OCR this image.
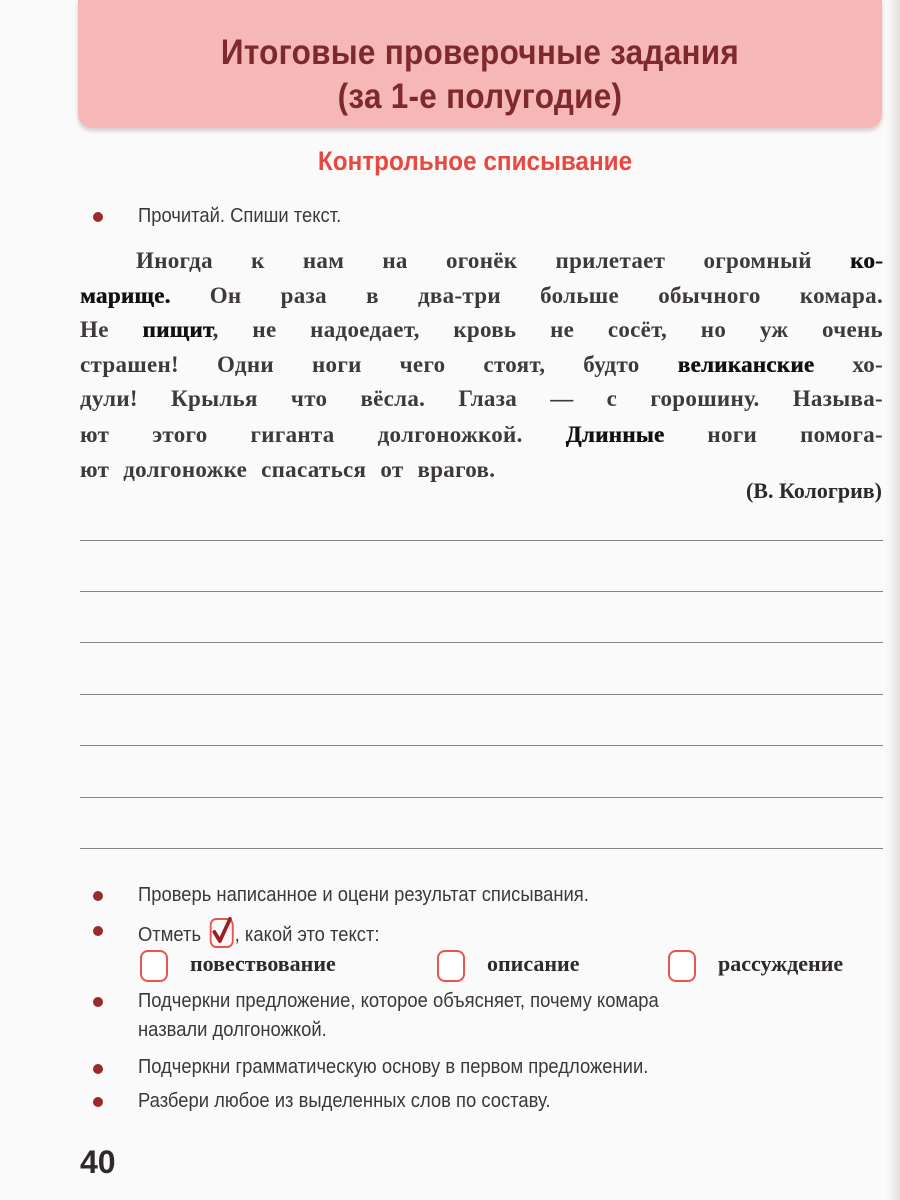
Итоговые проверочные задания
(за 1-е полугодие)
Контрольное списывание
Прочитай. Спиши текст.
Иногда к нам на огонёк прилетает огромный ко-
марище. Он раза в два-три больше обычного комара.
Не пищит, не надоедает, кровь не сосёт, но уж очень
страшен! Одни ноги чего стоят, будто великанские хо-
дули! Крылья что вёсла. Глаза — с горошину. Называ-
ют этого гиганта долгоножкой. Длинные ноги помога-
ют долгоножке спасаться от врагов.
(В. Кологрив)
Проверь написанное и оцени результат списывания.
Отметь , какой это текст:
повествование	описание	рассуждение
Подчеркни предложение, которое объясняет, почему комара
назвали долгоножкой.
Подчеркни грамматическую основу в первом предложении.
Разбери любое из выделенных слов по составу.
40
